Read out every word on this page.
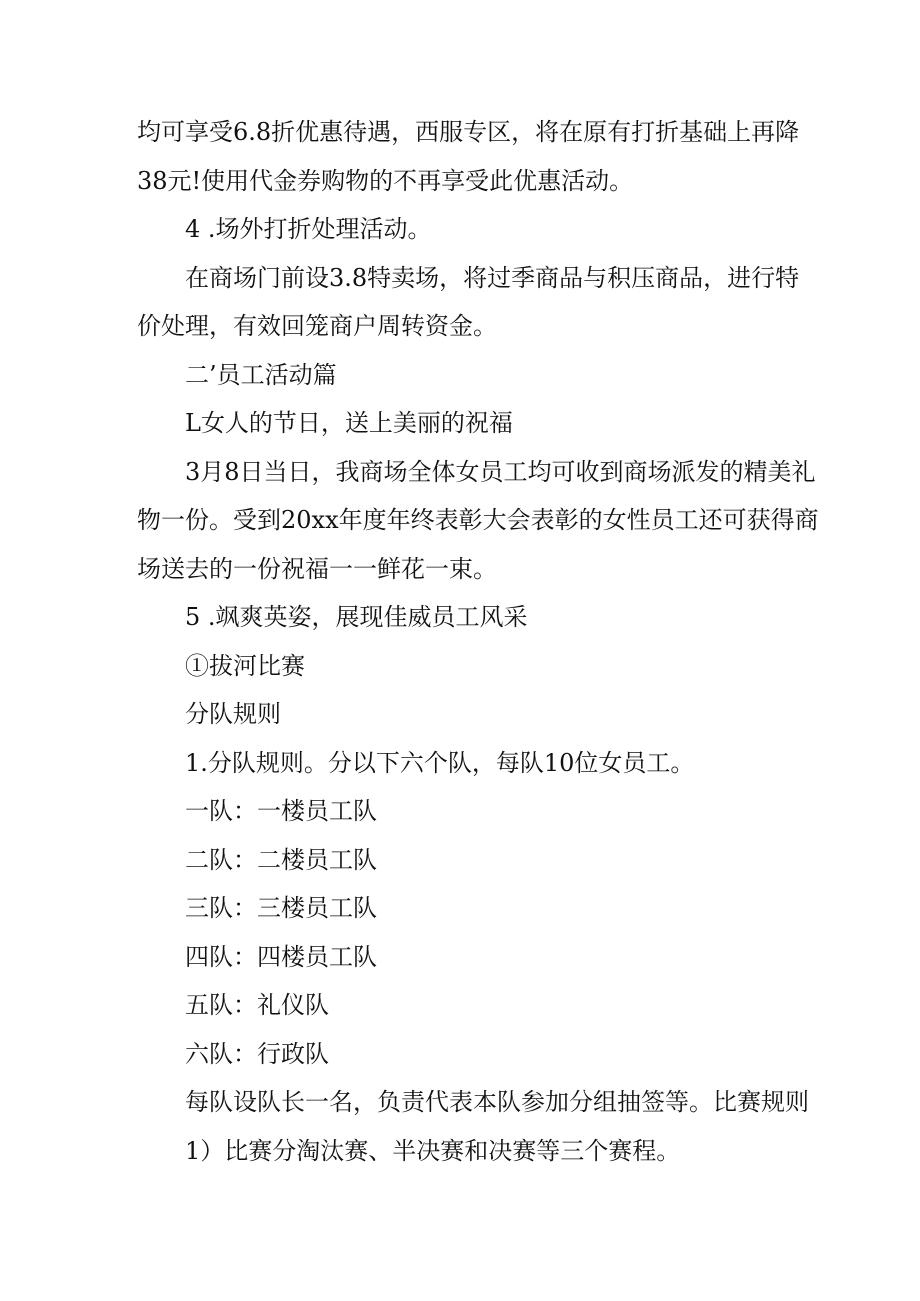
均可享受6.8折优惠待遇，西服专区，将在原有打折基础上再降
38元!使用代金券购物的不再享受此优惠活动。

4 .场外打折处理活动。

在商场门前设3.8特卖场，将过季商品与积压商品，进行特
价处理，有效回笼商户周转资金。

二’员工活动篇

L女人的节日，送上美丽的祝福

3月8日当日，我商场全体女员工均可收到商场派发的精美礼
物一份。受到20xx年度年终表彰大会表彰的女性员工还可获得商
场送去的一份祝福一一鲜花一束。

5 .飒爽英姿，展现佳威员工风采

①拔河比赛

分队规则

1.分队规则。分以下六个队，每队10位女员工。

一队：一楼员工队

二队：二楼员工队

三队：三楼员工队

四队：四楼员工队

五队：礼仪队

六队：行政队

每队设队长一名，负责代表本队参加分组抽签等。比赛规则

1）比赛分淘汰赛、半决赛和决赛等三个赛程。
